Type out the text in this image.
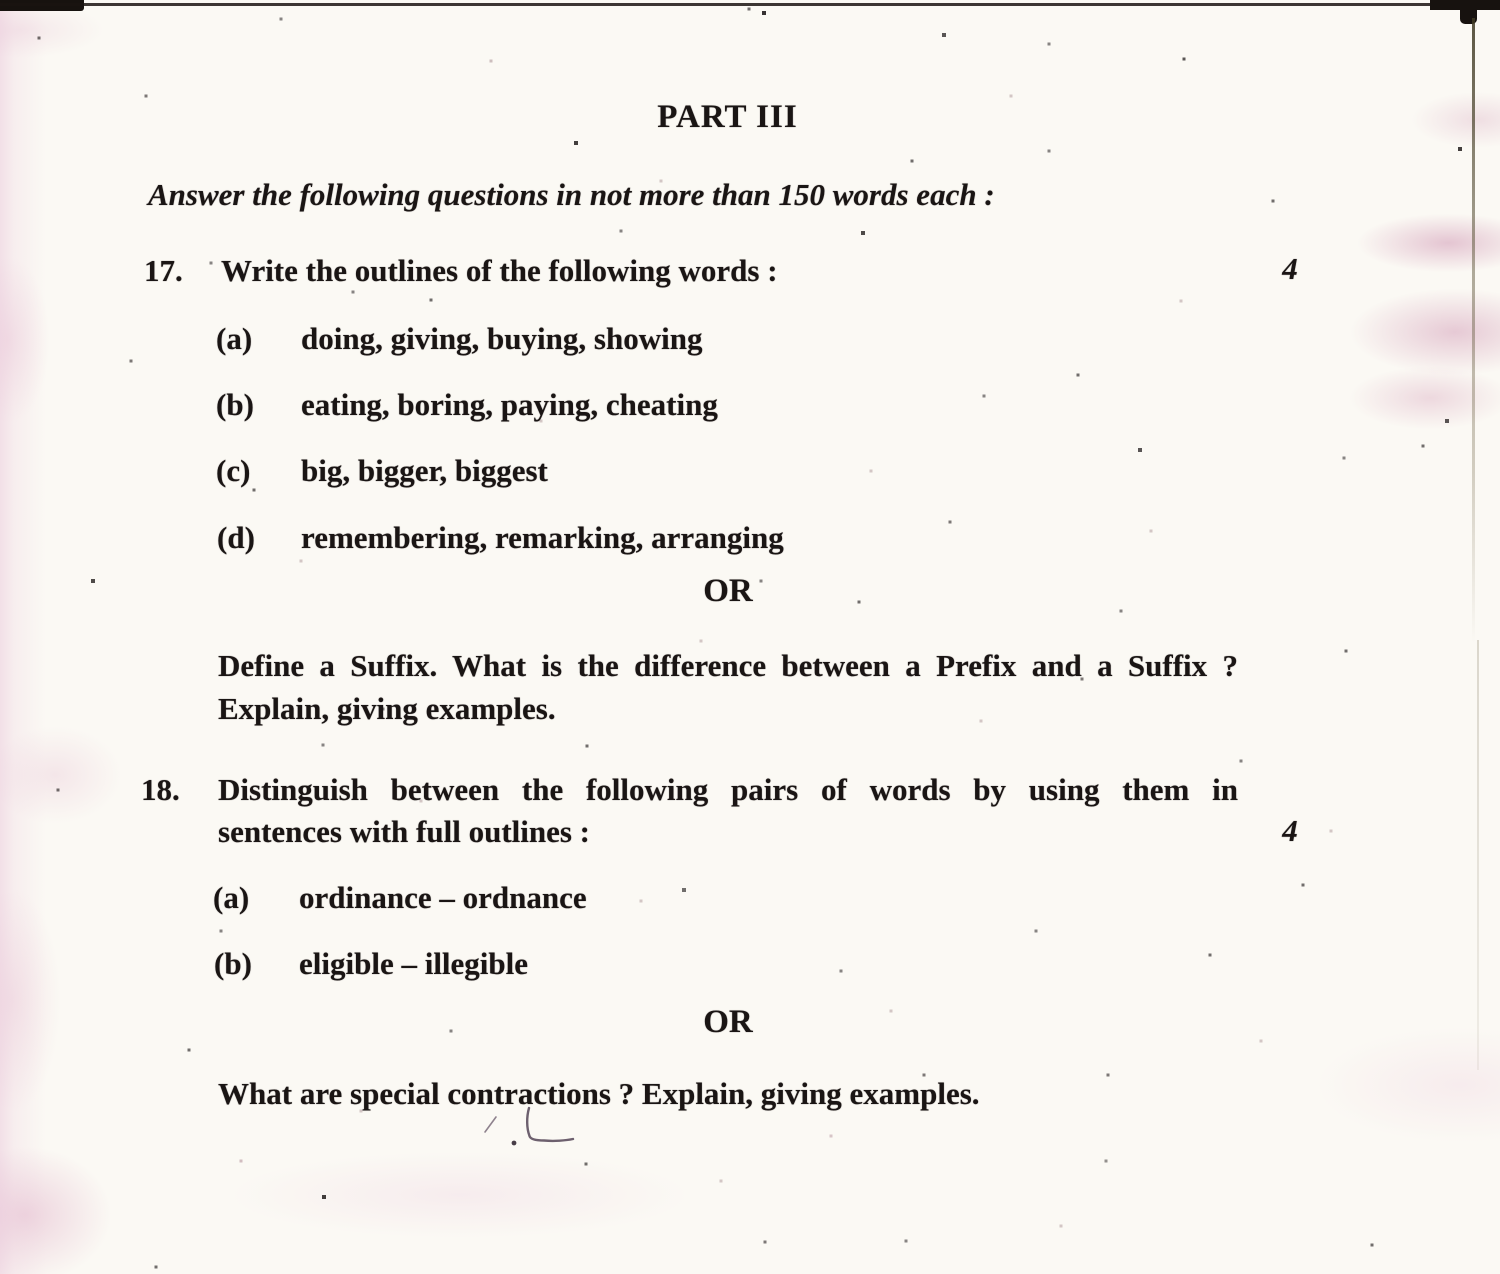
PART III
Answer the following questions in not more than 150 words each :
17.	Write the outlines of the following words :	4
(a)	doing, giving, buying, showing
(b)	eating, boring, paying, cheating
(c)	big, bigger, biggest
(d)	remembering, remarking, arranging
OR
Define a Suffix. What is the difference between a Prefix and a Suffix ?
Explain, giving examples.
18.	Distinguish between the following pairs of words by using them in
sentences with full outlines :	4
(a)	ordinance – ordnance
(b)	eligible – illegible
OR
What are special contractions ? Explain, giving examples.
